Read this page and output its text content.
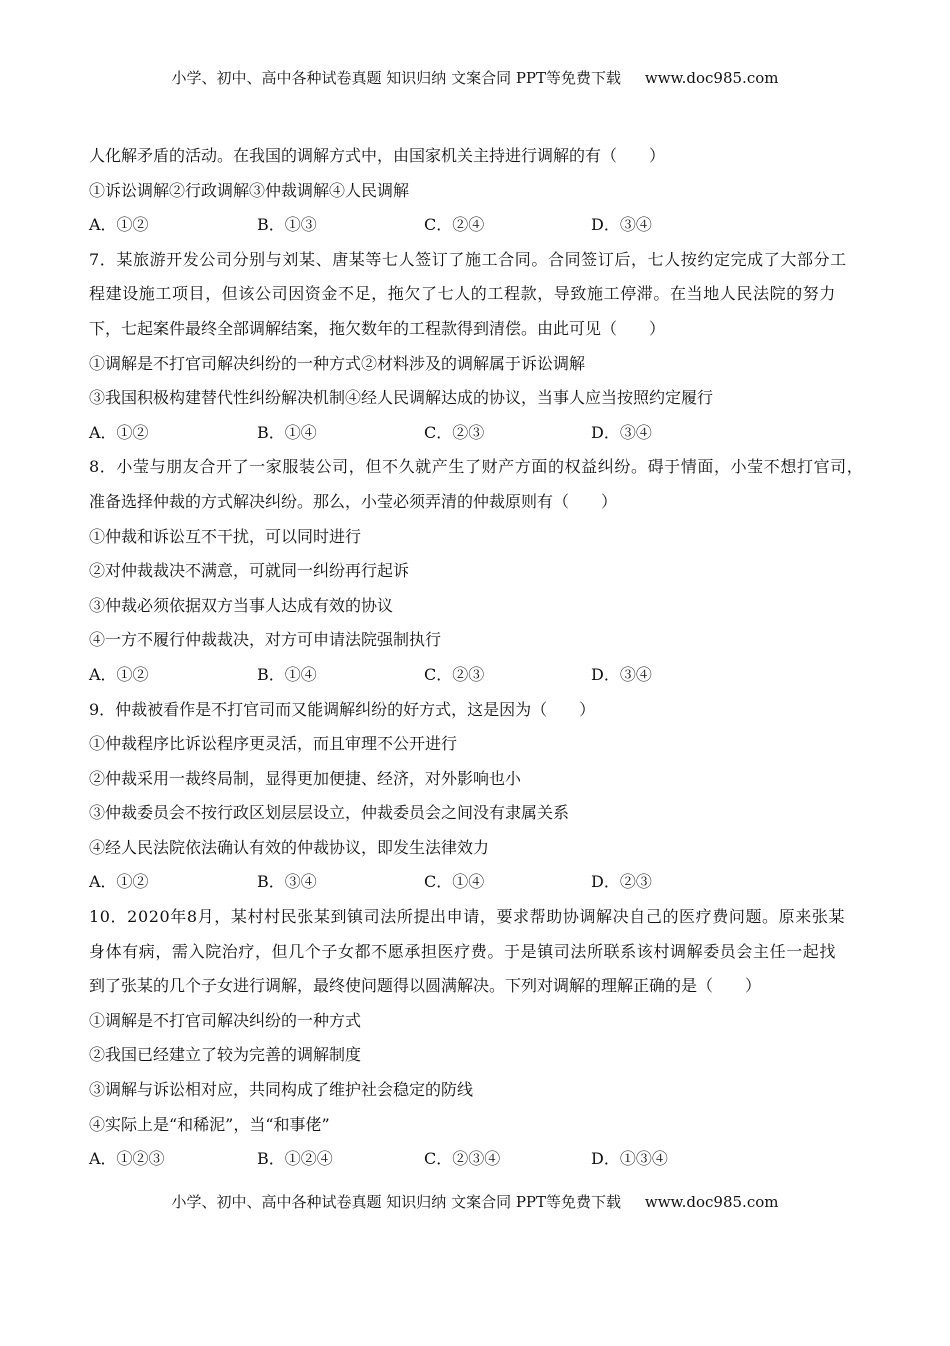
小学、初中、高中各种试卷真题 知识归纳 文案合同 PPT等免费下载 www.doc985.com
人化解矛盾的活动。在我国的调解方式中，由国家机关主持进行调解的有（　　）
①诉讼调解②行政调解③仲裁调解④人民调解
A．①②	B．①③	C．②④	D．③④
7．某旅游开发公司分别与刘某、唐某等七人签订了施工合同。合同签订后，七人按约定完成了大部分工
程建设施工项目，但该公司因资金不足，拖欠了七人的工程款，导致施工停滞。在当地人民法院的努力
下，七起案件最终全部调解结案，拖欠数年的工程款得到清偿。由此可见（　　）
①调解是不打官司解决纠纷的一种方式②材料涉及的调解属于诉讼调解
③我国积极构建替代性纠纷解决机制④经人民调解达成的协议，当事人应当按照约定履行
A．①②	B．①④	C．②③	D．③④
8．小莹与朋友合开了一家服装公司，但不久就产生了财产方面的权益纠纷。碍于情面，小莹不想打官司，
准备选择仲裁的方式解决纠纷。那么，小莹必须弄清的仲裁原则有（　　）
①仲裁和诉讼互不干扰，可以同时进行
②对仲裁裁决不满意，可就同一纠纷再行起诉
③仲裁必须依据双方当事人达成有效的协议
④一方不履行仲裁裁决，对方可申请法院强制执行
A．①②	B．①④	C．②③	D．③④
9．仲裁被看作是不打官司而又能调解纠纷的好方式，这是因为（　　）
①仲裁程序比诉讼程序更灵活，而且审理不公开进行
②仲裁采用一裁终局制，显得更加便捷、经济，对外影响也小
③仲裁委员会不按行政区划层层设立，仲裁委员会之间没有隶属关系
④经人民法院依法确认有效的仲裁协议，即发生法律效力
A．①②	B．③④	C．①④	D．②③
10．2020年8月，某村村民张某到镇司法所提出申请，要求帮助协调解决自己的医疗费问题。原来张某
身体有病，需入院治疗，但几个子女都不愿承担医疗费。于是镇司法所联系该村调解委员会主任一起找
到了张某的几个子女进行调解，最终使问题得以圆满解决。下列对调解的理解正确的是（　　）
①调解是不打官司解决纠纷的一种方式
②我国已经建立了较为完善的调解制度
③调解与诉讼相对应，共同构成了维护社会稳定的防线
④实际上是“和稀泥”，当“和事佬”
A．①②③	B．①②④	C．②③④	D．①③④
小学、初中、高中各种试卷真题 知识归纳 文案合同 PPT等免费下载 www.doc985.com
